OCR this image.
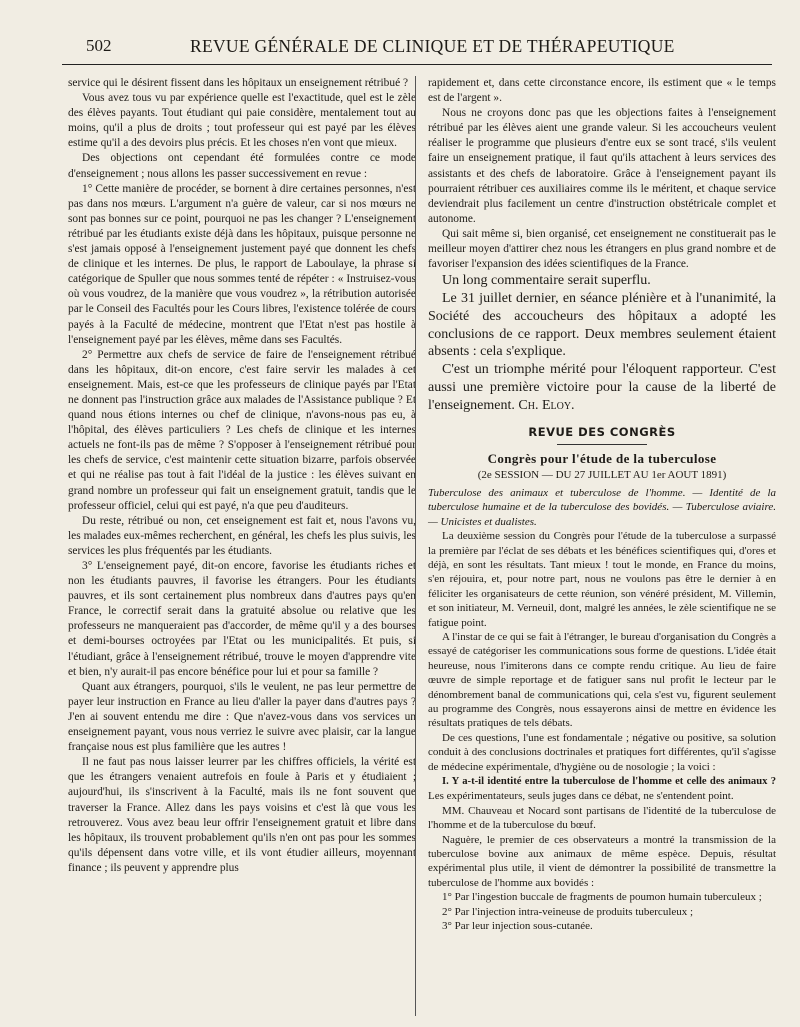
502	REVUE GÉNÉRALE DE CLINIQUE ET DE THÉRAPEUTIQUE

service qui le désirent fissent dans les hôpitaux un enseignement rétribué ?

Vous avez tous vu par expérience quelle est l'exactitude, quel est le zèle des élèves payants. Tout étudiant qui paie considère, mentalement tout au moins, qu'il a plus de droits ; tout professeur qui est payé par les élèves estime qu'il a des devoirs plus précis. Et les choses n'en vont que mieux.

Des objections ont cependant été formulées contre ce mode d'enseignement ; nous allons les passer successivement en revue :

1° Cette manière de procéder, se bornent à dire certaines personnes, n'est pas dans nos mœurs. L'argument n'a guère de valeur, car si nos mœurs ne sont pas bonnes sur ce point, pourquoi ne pas les changer ? L'enseignement rétribué par les étudiants existe déjà dans les hôpitaux, puisque personne ne s'est jamais opposé à l'enseignement justement payé que donnent les chefs de clinique et les internes. De plus, le rapport de Laboulaye, la phrase si catégorique de Spuller que nous sommes tenté de répéter : « Instruisez-vous où vous voudrez, de la manière que vous voudrez », la rétribution autorisée par le Conseil des Facultés pour les Cours libres, l'existence tolérée de cours payés à la Faculté de médecine, montrent que l'Etat n'est pas hostile à l'enseignement payé par les élèves, même dans ses Facultés.

2° Permettre aux chefs de service de faire de l'enseignement rétribué dans les hôpitaux, dit-on encore, c'est faire servir les malades à cet enseignement. Mais, est-ce que les professeurs de clinique payés par l'Etat ne donnent pas l'instruction grâce aux malades de l'Assistance publique ? Et quand nous étions internes ou chef de clinique, n'avons-nous pas eu, à l'hôpital, des élèves particuliers ? Les chefs de clinique et les internes actuels ne font-ils pas de même ? S'opposer à l'enseignement rétribué pour les chefs de service, c'est maintenir cette situation bizarre, parfois observée et qui ne réalise pas tout à fait l'idéal de la justice : les élèves suivant en grand nombre un professeur qui fait un enseignement gratuit, tandis que le professeur officiel, celui qui est payé, n'a que peu d'auditeurs.

Du reste, rétribué ou non, cet enseignement est fait et, nous l'avons vu, les malades eux-mêmes recherchent, en général, les chefs les plus suivis, les services les plus fréquentés par les étudiants.

3° L'enseignement payé, dit-on encore, favorise les étudiants riches et non les étudiants pauvres, il favorise les étrangers. Pour les étudiants pauvres, et ils sont certainement plus nombreux dans d'autres pays qu'en France, le correctif serait dans la gratuité absolue ou relative que les professeurs ne manqueraient pas d'accorder, de même qu'il y a des bourses et demi-bourses octroyées par l'Etat ou les municipalités. Et puis, si l'étudiant, grâce à l'enseignement rétribué, trouve le moyen d'apprendre vite et bien, n'y aurait-il pas encore bénéfice pour lui et pour sa famille ?

Quant aux étrangers, pourquoi, s'ils le veulent, ne pas leur permettre de payer leur instruction en France au lieu d'aller la payer dans d'autres pays ? J'en ai souvent entendu me dire : Que n'avez-vous dans vos services un enseignement payant, vous nous verriez le suivre avec plaisir, car la langue française nous est plus familière que les autres !

Il ne faut pas nous laisser leurrer par les chiffres officiels, la vérité est que les étrangers venaient autrefois en foule à Paris et y étudiaient ; aujourd'hui, ils s'inscrivent à la Faculté, mais ils ne font souvent que traverser la France. Allez dans les pays voisins et c'est là que vous les retrouverez. Vous avez beau leur offrir l'enseignement gratuit et libre dans les hôpitaux, ils trouvent probablement qu'ils n'en ont pas pour les sommes qu'ils dépensent dans votre ville, et ils vont étudier ailleurs, moyennant finance ; ils peuvent y apprendre plus

rapidement et, dans cette circonstance encore, ils estiment que « le temps est de l'argent ».

Nous ne croyons donc pas que les objections faites à l'enseignement rétribué par les élèves aient une grande valeur. Si les accoucheurs veulent réaliser le programme que plusieurs d'entre eux se sont tracé, s'ils veulent faire un enseignement pratique, il faut qu'ils attachent à leurs services des assistants et des chefs de laboratoire. Grâce à l'enseignement payant ils pourraient rétribuer ces auxiliaires comme ils le méritent, et chaque service deviendrait plus facilement un centre d'instruction obstétricale complet et autonome.

Qui sait même si, bien organisé, cet enseignement ne constituerait pas le meilleur moyen d'attirer chez nous les étrangers en plus grand nombre et de favoriser l'expansion des idées scientifiques de la France.

Un long commentaire serait superflu.

Le 31 juillet dernier, en séance plénière et à l'unanimité, la Société des accoucheurs des hôpitaux a adopté les conclusions de ce rapport. Deux membres seulement étaient absents : cela s'explique.

C'est un triomphe mérité pour l'éloquent rapporteur. C'est aussi une première victoire pour la cause de la liberté de l'enseignement. Ch. Eloy.

REVUE DES CONGRÈS
Congrès pour l'étude de la tuberculose
(2e SESSION — DU 27 JUILLET AU 1er AOUT 1891)

Tuberculose des animaux et tuberculose de l'homme. — Identité de la tuberculose humaine et de la tuberculose des bovidés. — Tuberculose aviaire. — Unicistes et dualistes.

La deuxième session du Congrès pour l'étude de la tuberculose a surpassé la première par l'éclat de ses débats et les bénéfices scientifiques qui, d'ores et déjà, en sont les résultats. Tant mieux ! tout le monde, en France du moins, s'en réjouira, et, pour notre part, nous ne voulons pas être le dernier à en féliciter les organisateurs de cette réunion, son vénéré président, M. Villemin, et son initiateur, M. Verneuil, dont, malgré les années, le zèle scientifique ne se fatigue point.

A l'instar de ce qui se fait à l'étranger, le bureau d'organisation du Congrès a essayé de catégoriser les communications sous forme de questions. L'idée était heureuse, nous l'imiterons dans ce compte rendu critique. Au lieu de faire œuvre de simple reportage et de fatiguer sans nul profit le lecteur par le dénombrement banal de communications qui, cela s'est vu, figurent seulement au programme des Congrès, nous essayerons ainsi de mettre en évidence les résultats pratiques de tels débats.

De ces questions, l'une est fondamentale ; négative ou positive, sa solution conduit à des conclusions doctrinales et pratiques fort différentes, qu'il s'agisse de médecine expérimentale, d'hygiène ou de nosologie ; la voici :

I. Y a-t-il identité entre la tuberculose de l'homme et celle des animaux ? Les expérimentateurs, seuls juges dans ce débat, ne s'entendent point.

MM. Chauveau et Nocard sont partisans de l'identité de la tuberculose de l'homme et de la tuberculose du bœuf.

Naguère, le premier de ces observateurs a montré la transmission de la tuberculose bovine aux animaux de même espèce. Depuis, résultat expérimental plus utile, il vient de démontrer la possibilité de transmettre la tuberculose de l'homme aux bovidés :

1° Par l'ingestion buccale de fragments de poumon humain tuberculeux ;

2° Par l'injection intra-veineuse de produits tuberculeux ;

3° Par leur injection sous-cutanée.
